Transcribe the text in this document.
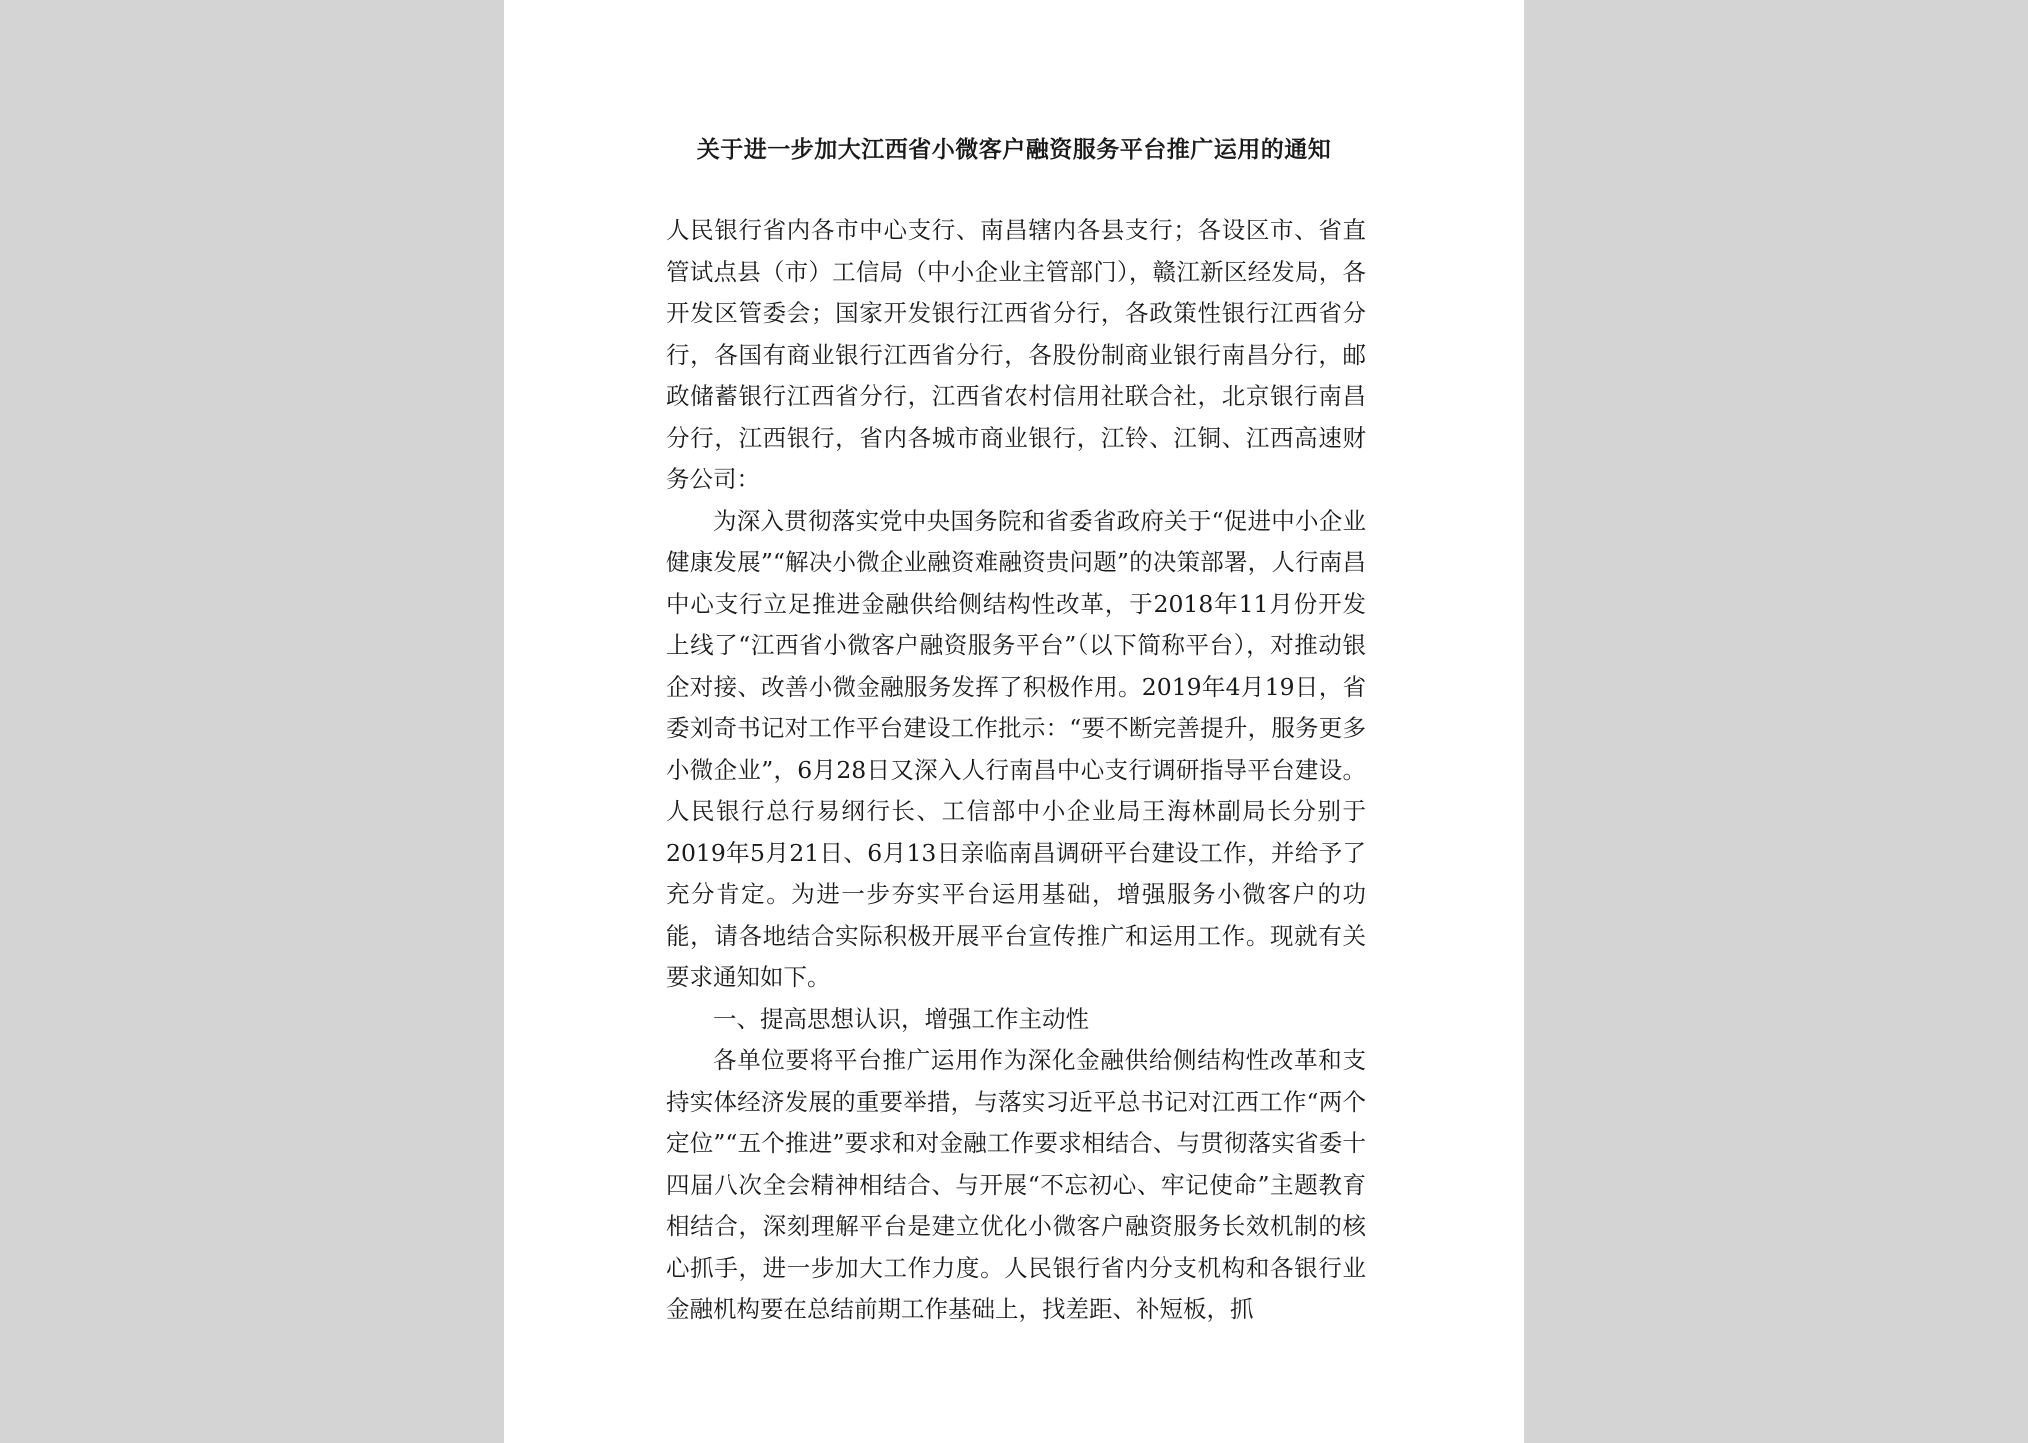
关于进一步加大江西省小微客户融资服务平台推广运用的通知

人民银行省内各市中心支行、南昌辖内各县支行；各设区市、省直管试点县（市）工信局（中小企业主管部门），赣江新区经发局，各开发区管委会；国家开发银行江西省分行，各政策性银行江西省分行，各国有商业银行江西省分行，各股份制商业银行南昌分行，邮政储蓄银行江西省分行，江西省农村信用社联合社，北京银行南昌分行，江西银行，省内各城市商业银行，江铃、江铜、江西高速财务公司：

为深入贯彻落实党中央国务院和省委省政府关于“促进中小企业健康发展”“解决小微企业融资难融资贵问题”的决策部署，人行南昌中心支行立足推进金融供给侧结构性改革，于2018年11月份开发上线了“江西省小微客户融资服务平台”（以下简称平台），对推动银企对接、改善小微金融服务发挥了积极作用。2019年4月19日，省委刘奇书记对工作平台建设工作批示：“要不断完善提升，服务更多小微企业”，6月28日又深入人行南昌中心支行调研指导平台建设。人民银行总行易纲行长、工信部中小企业局王海林副局长分别于2019年5月21日、6月13日亲临南昌调研平台建设工作，并给予了充分肯定。为进一步夯实平台运用基础，增强服务小微客户的功能，请各地结合实际积极开展平台宣传推广和运用工作。现就有关要求通知如下。

一、提高思想认识，增强工作主动性

各单位要将平台推广运用作为深化金融供给侧结构性改革和支持实体经济发展的重要举措，与落实习近平总书记对江西工作“两个定位”“五个推进”要求和对金融工作要求相结合、与贯彻落实省委十四届八次全会精神相结合、与开展“不忘初心、牢记使命”主题教育相结合，深刻理解平台是建立优化小微客户融资服务长效机制的核心抓手，进一步加大工作力度。人民银行省内分支机构和各银行业金融机构要在总结前期工作基础上，找差距、补短板，抓
